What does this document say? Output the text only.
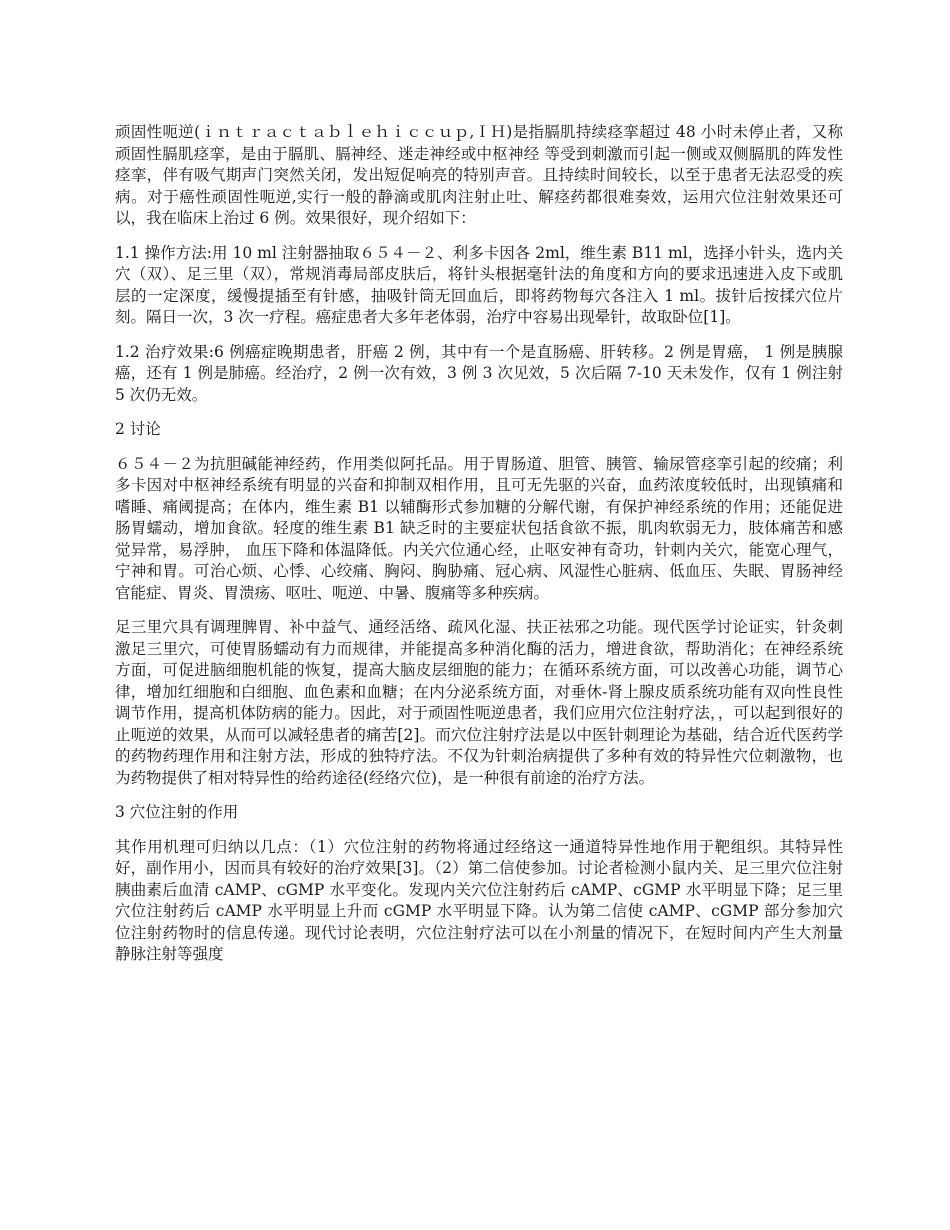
顽固性呃逆(ｉｎｔｒａｃｔａｂｌｅｈｉｃｃｕｐ,ＩＨ)是指膈肌持续痉挛超过 48 小时未停止者，又称顽固性膈肌痉挛，是由于膈肌、膈神经、迷走神经或中枢神经 等受到刺激而引起一侧或双侧膈肌的阵发性痉挛，伴有吸气期声门突然关闭，发出短促响亮的特别声音。且持续时间较长，以至于患者无法忍受的疾病。对于癌性顽固性呃逆,实行一般的静滴或肌肉注射止吐、解痉药都很难奏效，运用穴位注射效果还可以，我在临床上治过 6 例。效果很好，现介绍如下：

1.1 操作方法:用 10 ml 注射器抽取６５４－２、利多卡因各 2ml，维生素 B11 ml，选择小针头，选内关穴（双）、足三里（双），常规消毒局部皮肤后，将针头根据毫针法的角度和方向的要求迅速进入皮下或肌层的一定深度，缓慢提插至有针感，抽吸针筒无回血后，即将药物每穴各注入 1 ml。拔针后按揉穴位片刻。隔日一次，3 次一疗程。癌症患者大多年老体弱，治疗中容易出现晕针，故取卧位[1]。

1.2 治疗效果:6 例癌症晚期患者，肝癌 2 例，其中有一个是直肠癌、肝转移。2 例是胃癌， 1 例是胰腺癌，还有 1 例是肺癌。经治疗，2 例一次有效，3 例 3 次见效，5 次后隔 7-10 天未发作，仅有 1 例注射 5 次仍无效。

2 讨论

６５４－２为抗胆碱能神经药，作用类似阿托品。用于胃肠道、胆管、胰管、输尿管痉挛引起的绞痛；利多卡因对中枢神经系统有明显的兴奋和抑制双相作用，且可无先驱的兴奋，血药浓度较低时，出现镇痛和嗜睡、痛阈提高；在体内，维生素 B1 以辅酶形式参加糖的分解代谢，有保护神经系统的作用；还能促进肠胃蠕动，增加食欲。轻度的维生素 B1 缺乏时的主要症状包括食欲不振，肌肉软弱无力，肢体痛苦和感觉异常，易浮肿， 血压下降和体温降低。内关穴位通心经，止呕安神有奇功，针刺内关穴，能宽心理气，宁神和胃。可治心烦、心悸、心绞痛、胸闷、胸胁痛、冠心病、风湿性心脏病、低血压、失眠、胃肠神经官能症、胃炎、胃溃疡、呕吐、呃逆、中暑、腹痛等多种疾病。

足三里穴具有调理脾胃、补中益气、通经活络、疏风化湿、扶正祛邪之功能。现代医学讨论证实，针灸刺激足三里穴，可使胃肠蠕动有力而规律，并能提高多种消化酶的活力，增进食欲，帮助消化；在神经系统方面，可促进脑细胞机能的恢复，提高大脑皮层细胞的能力；在循环系统方面，可以改善心功能，调节心律，增加红细胞和白细胞、血色素和血糖；在内分泌系统方面，对垂休-肾上腺皮质系统功能有双向性良性调节作用，提高机体防病的能力。因此，对于顽固性呃逆患者，我们应用穴位注射疗法，，可以起到很好的止呃逆的效果，从而可以减轻患者的痛苦[2]。而穴位注射疗法是以中医针刺理论为基础，结合近代医药学的药物药理作用和注射方法，形成的独特疗法。不仅为针刺治病提供了多种有效的特异性穴位刺激物，也为药物提供了相对特异性的给药途径(经络穴位)，是一种很有前途的治疗方法。

3 穴位注射的作用

其作用机理可归纳以几点：（1）穴位注射的药物将通过经络这一通道特异性地作用于靶组织。其特异性好，副作用小，因而具有较好的治疗效果[3]。（2）第二信使参加。讨论者检测小鼠内关、足三里穴位注射胰曲素后血清 cAMP、cGMP 水平变化。发现内关穴位注射药后 cAMP、cGMP 水平明显下降；足三里穴位注射药后 cAMP 水平明显上升而 cGMP 水平明显下降。认为第二信使 cAMP、cGMP 部分参加穴位注射药物时的信息传递。现代讨论表明，穴位注射疗法可以在小剂量的情况下，在短时间内产生大剂量静脉注射等强度
